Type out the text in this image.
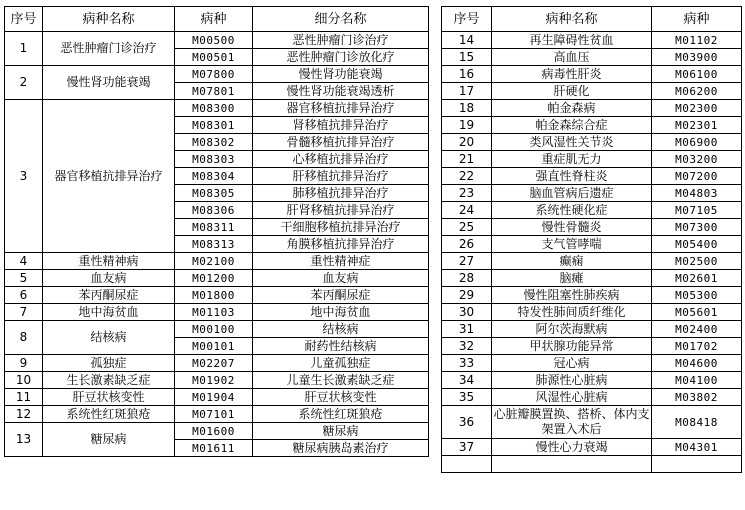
序号	病种名称	病种	细分名称
1	恶性肿瘤门诊治疗	M00500	恶性肿瘤门诊治疗
		M00501	恶性肿瘤门诊放化疗
2	慢性肾功能衰竭	M07800	慢性肾功能衰竭
		M07801	慢性肾功能衰竭透析
3	器官移植抗排异治疗	M08300	器官移植抗排异治疗
		M08301	肾移植抗排异治疗
		M08302	骨髓移植抗排异治疗
		M08303	心移植抗排异治疗
		M08304	肝移植抗排异治疗
		M08305	肺移植抗排异治疗
		M08306	肝肾移植抗排异治疗
		M08311	干细胞移植抗排异治疗
		M08313	角膜移植抗排异治疗
4	重性精神病	M02100	重性精神症
5	血友病	M01200	血友病
6	苯丙酮尿症	M01800	苯丙酮尿症
7	地中海贫血	M01103	地中海贫血
8	结核病	M00100	结核病
		M00101	耐药性结核病
9	孤独症	M02207	儿童孤独症
10	生长激素缺乏症	M01902	儿童生长激素缺乏症
11	肝豆状核变性	M01904	肝豆状核变性
12	系统性红斑狼疮	M07101	系统性红斑狼疮
13	糖尿病	M01600	糖尿病
		M01611	糖尿病胰岛素治疗
序号	病种名称	病种
14	再生障碍性贫血	M01102
15	高血压	M03900
16	病毒性肝炎	M06100
17	肝硬化	M06200
18	帕金森病	M02300
19	帕金森综合症	M02301
20	类风湿性关节炎	M06900
21	重症肌无力	M03200
22	强直性脊柱炎	M07200
23	脑血管病后遗症	M04803
24	系统性硬化症	M07105
25	慢性骨髓炎	M07300
26	支气管哮喘	M05400
27	癫痫	M02500
28	脑瘫	M02601
29	慢性阻塞性肺疾病	M05300
30	特发性肺间质纤维化	M05601
31	阿尔茨海默病	M02400
32	甲状腺功能异常	M01702
33	冠心病	M04600
34	肺源性心脏病	M04100
35	风湿性心脏病	M03802
36	心脏瓣膜置换、搭桥、体内支架置入术后	M08418
37	慢性心力衰竭	M04301
